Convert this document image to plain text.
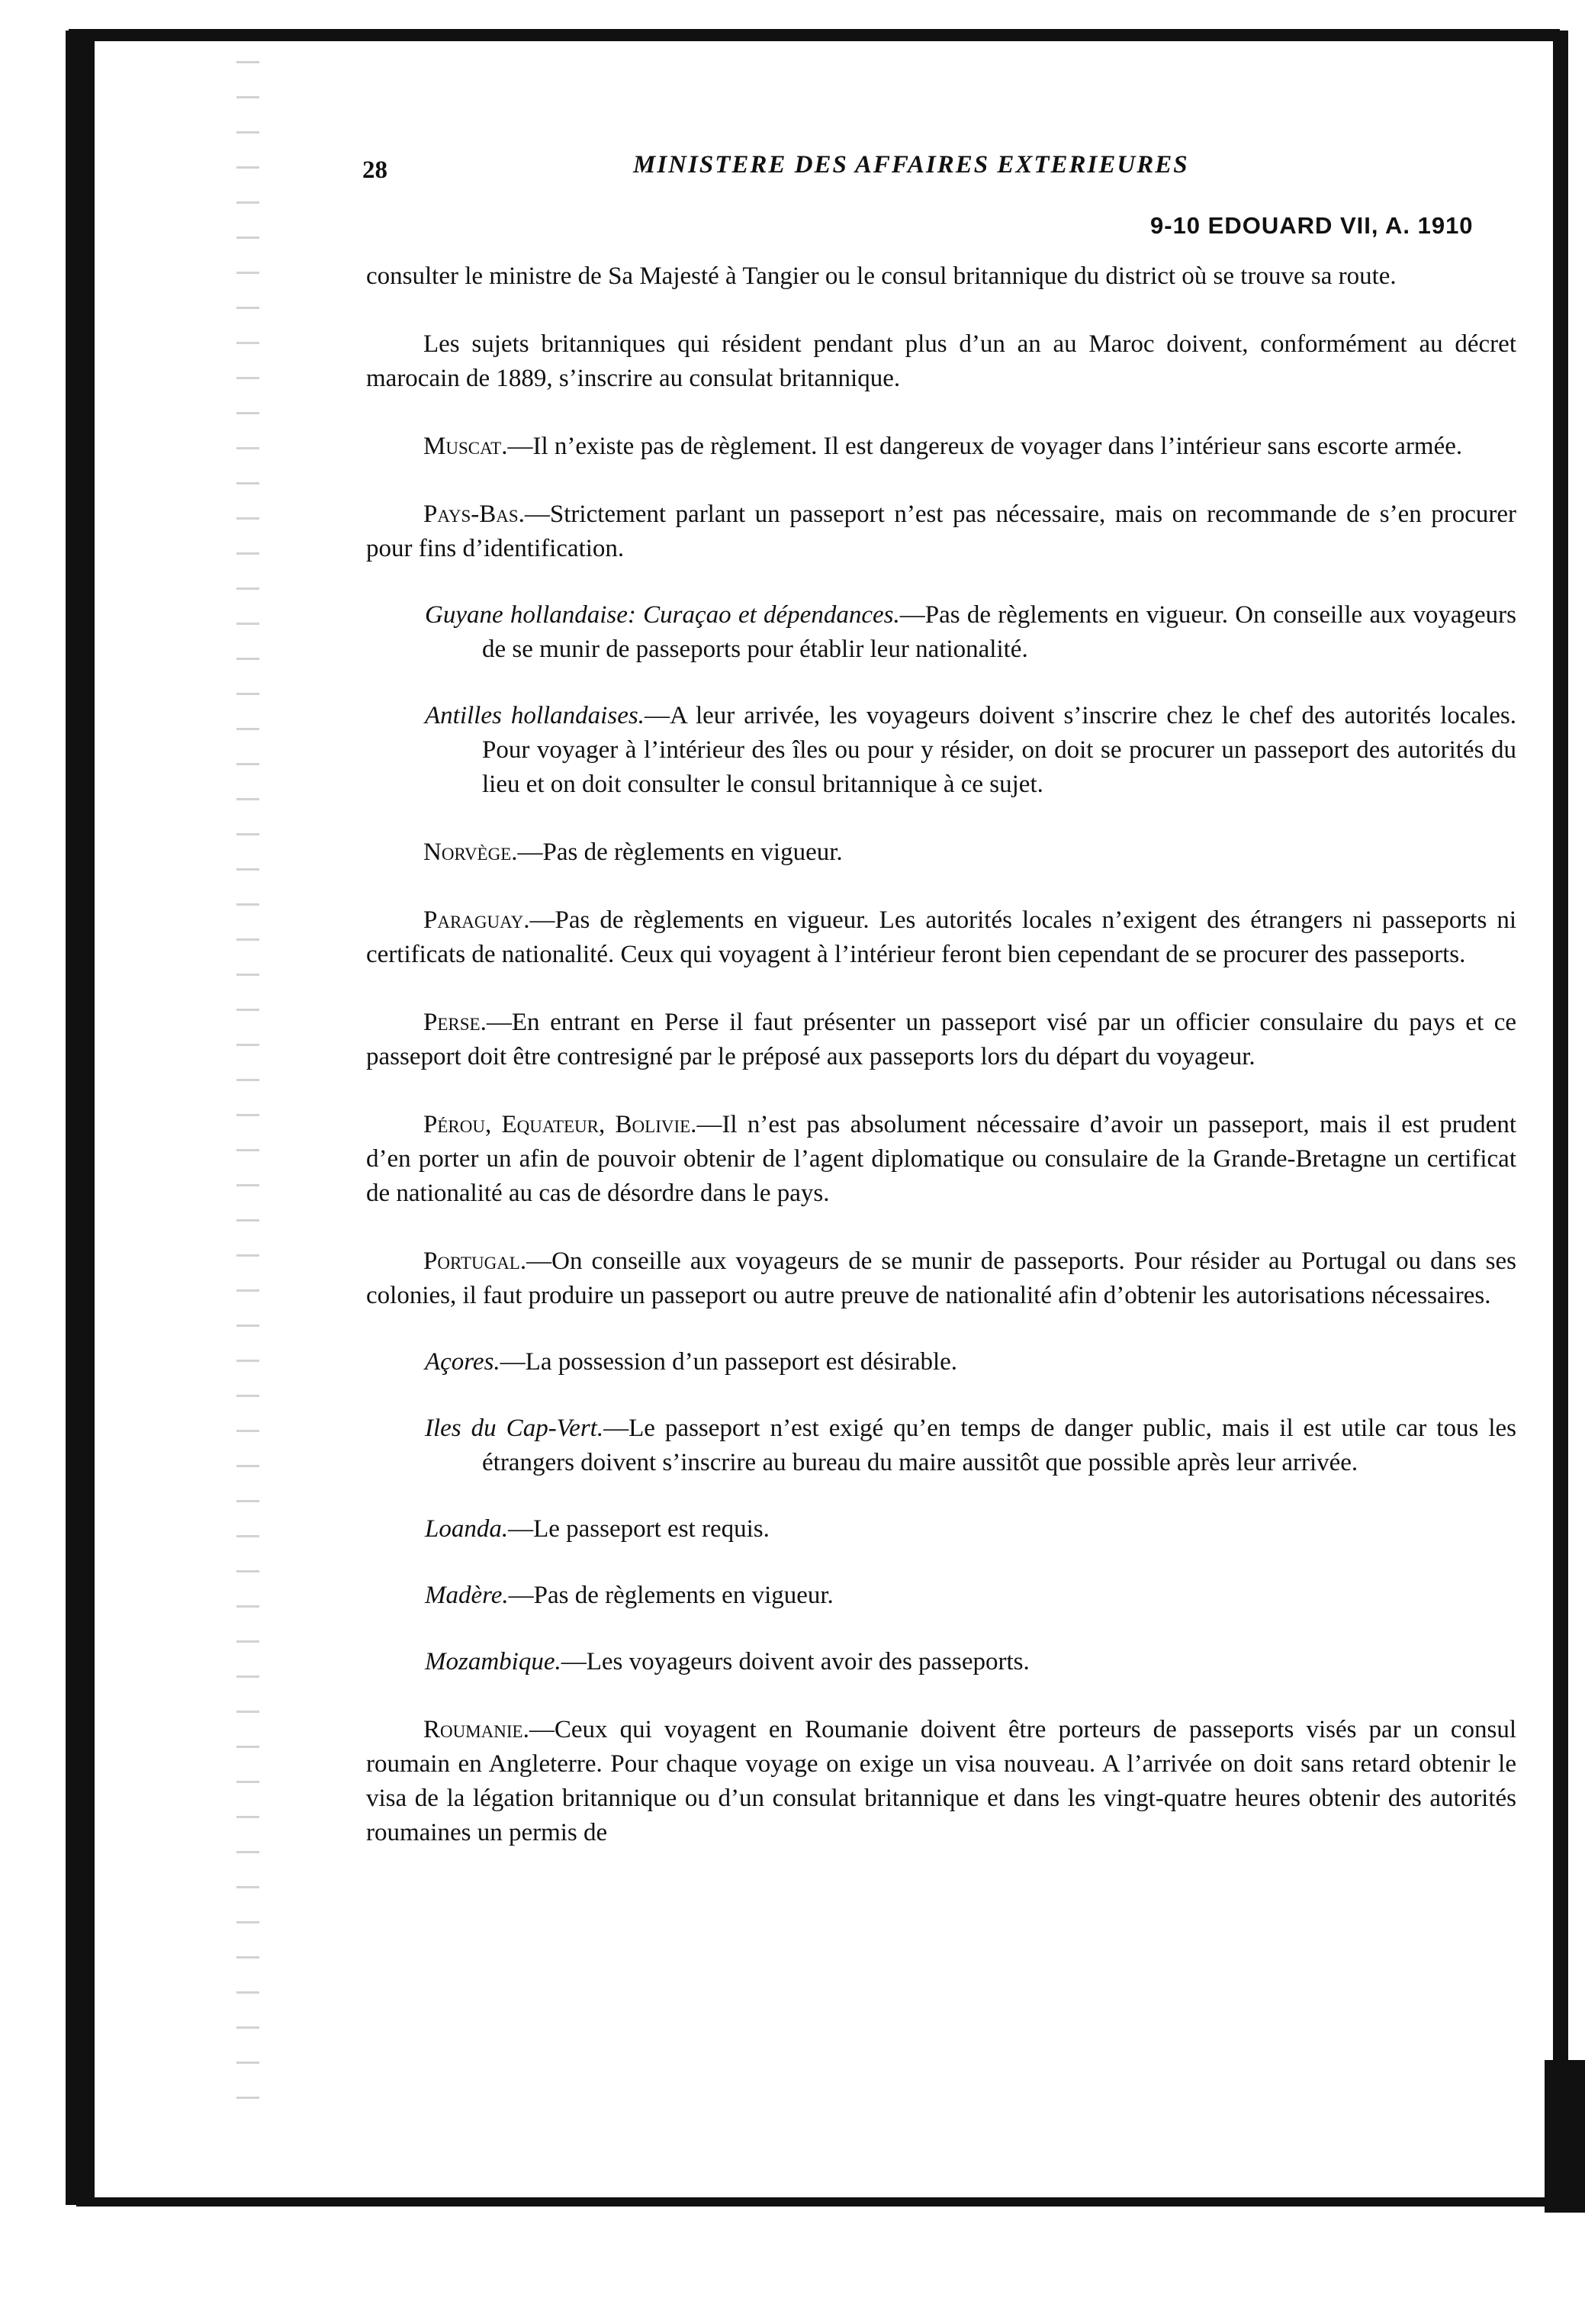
28	MINISTERE DES AFFAIRES EXTERIEURES
9-10 EDOUARD VII, A. 1910

consulter le ministre de Sa Majesté à Tangier ou le consul britannique du district où se trouve sa route.

Les sujets britanniques qui résident pendant plus d’un an au Maroc doivent, conformément au décret marocain de 1889, s’inscrire au consulat britannique.

Muscat.—Il n’existe pas de règlement. Il est dangereux de voyager dans l’intérieur sans escorte armée.

Pays-Bas.—Strictement parlant un passeport n’est pas nécessaire, mais on recommande de s’en procurer pour fins d’identification.

Guyane hollandaise: Curaçao et dépendances.—Pas de règlements en vigueur. On conseille aux voyageurs de se munir de passeports pour établir leur nationalité.

Antilles hollandaises.—A leur arrivée, les voyageurs doivent s’inscrire chez le chef des autorités locales. Pour voyager à l’intérieur des îles ou pour y résider, on doit se procurer un passeport des autorités du lieu et on doit consulter le consul britannique à ce sujet.

Norvège.—Pas de règlements en vigueur.

Paraguay.—Pas de règlements en vigueur. Les autorités locales n’exigent des étrangers ni passeports ni certificats de nationalité. Ceux qui voyagent à l’intérieur feront bien cependant de se procurer des passeports.

Perse.—En entrant en Perse il faut présenter un passeport visé par un officier consulaire du pays et ce passeport doit être contresigné par le préposé aux passeports lors du départ du voyageur.

Pérou, Equateur, Bolivie.—Il n’est pas absolument nécessaire d’avoir un passeport, mais il est prudent d’en porter un afin de pouvoir obtenir de l’agent diplomatique ou consulaire de la Grande-Bretagne un certificat de nationalité au cas de désordre dans le pays.

Portugal.—On conseille aux voyageurs de se munir de passeports. Pour résider au Portugal ou dans ses colonies, il faut produire un passeport ou autre preuve de nationalité afin d’obtenir les autorisations nécessaires.

Açores.—La possession d’un passeport est désirable.

Iles du Cap-Vert.—Le passeport n’est exigé qu’en temps de danger public, mais il est utile car tous les étrangers doivent s’inscrire au bureau du maire aussitôt que possible après leur arrivée.

Loanda.—Le passeport est requis.

Madère.—Pas de règlements en vigueur.

Mozambique.—Les voyageurs doivent avoir des passeports.

Roumanie.—Ceux qui voyagent en Roumanie doivent être porteurs de passeports visés par un consul roumain en Angleterre. Pour chaque voyage on exige un visa nouveau. A l’arrivée on doit sans retard obtenir le visa de la légation britannique ou d’un consulat britannique et dans les vingt-quatre heures obtenir des autorités roumaines un permis de
